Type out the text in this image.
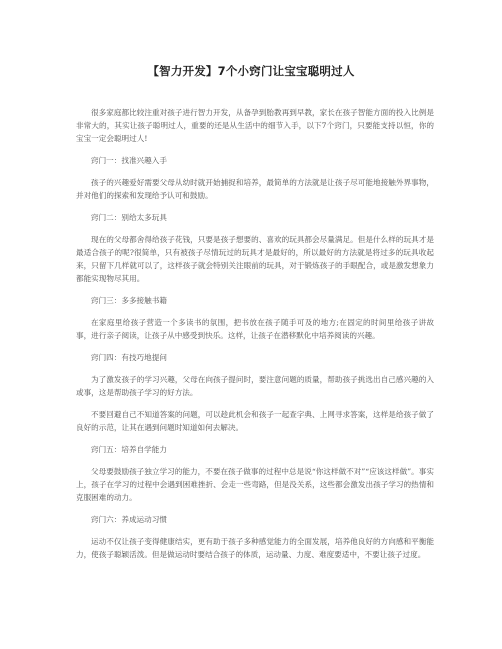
【智力开发】7个小窍门让宝宝聪明过人

很多家庭都比较注重对孩子进行智力开发，从备孕到胎教再到早教，家长在孩子智能方面的投入比例是非常大的，其实让孩子聪明过人，重要的还是从生活中的细节入手，以下7个窍门，只要能支持以恒，你的宝宝一定会聪明过人!

窍门一：找准兴趣入手

孩子的兴趣爱好需要父母从幼时就开始捕捉和培养，最简单的方法就是让孩子尽可能地接触外界事物，并对他们的探索和发现给予认可和鼓励。

窍门二：别给太多玩具

现在的父母都舍得给孩子花钱，只要是孩子想要的、喜欢的玩具都会尽量满足。但是什么样的玩具才是最适合孩子的呢?很简单，只有被孩子尽情玩过的玩具才是最好的，所以最好的方法就是将过多的玩具收起来，只留下几样就可以了，这样孩子就会特别关注眼前的玩具，对于锻炼孩子的手眼配合，或是激发想象力都能实现物尽其用。

窍门三：多多接触书籍

在家庭里给孩子营造一个多读书的氛围，把书放在孩子随手可及的地方;在固定的时间里给孩子讲故事，进行亲子阅读，让孩子从中感受到快乐。这样，让孩子在潜移默化中培养阅读的兴趣。

窍门四：有技巧地提问

为了激发孩子的学习兴趣，父母在向孩子提问时，要注意问题的质量，帮助孩子挑选出自己感兴趣的入或事，这是帮助孩子学习的好方法。

不要回避自己不知道答案的问题，可以趁此机会和孩子一起查字典、上网寻求答案，这样是给孩子做了良好的示范，让其在遇到问题时知道如何去解决。

窍门五：培养自学能力

父母要鼓励孩子独立学习的能力，不要在孩子做事的过程中总是说“你这样做不对”“应该这样做”。事实上，孩子在学习的过程中会遇到困难挫折、会走一些弯路，但是没关系，这些都会激发出孩子学习的热情和克服困难的动力。

窍门六：养成运动习惯

运动不仅让孩子变得健康结实，更有助于孩子多种感觉能力的全面发展，培养他良好的方向感和平衡能力，使孩子聪颖活泼。但是做运动时要结合孩子的体质，运动量、力度、难度要适中，不要让孩子过度。
